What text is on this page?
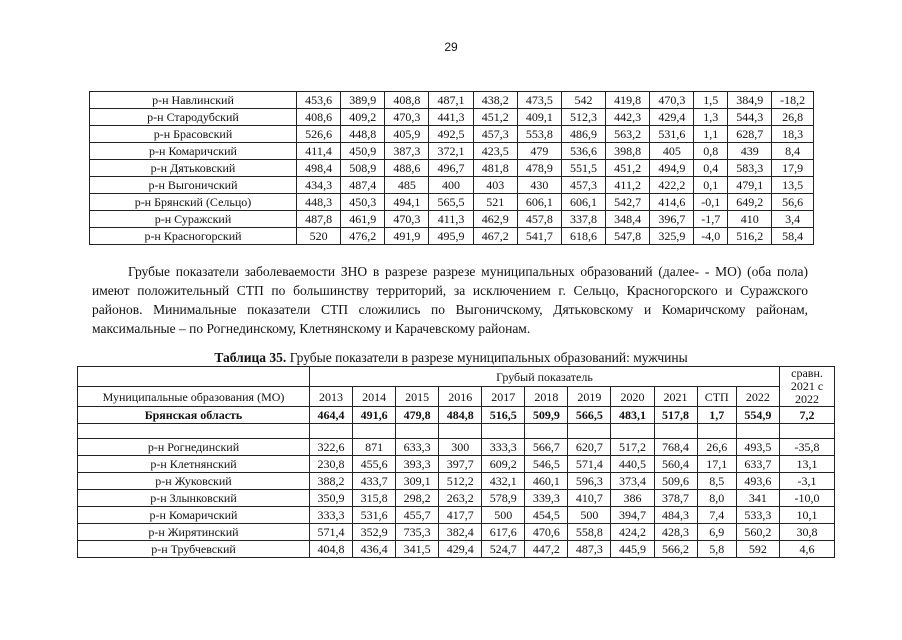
29
р-н Навлинский	453,6	389,9	408,8	487,1	438,2	473,5	542	419,8	470,3	1,5	384,9	-18,2
р-н Стародубский	408,6	409,2	470,3	441,3	451,2	409,1	512,3	442,3	429,4	1,3	544,3	26,8
р-н Брасовский	526,6	448,8	405,9	492,5	457,3	553,8	486,9	563,2	531,6	1,1	628,7	18,3
р-н Комаричский	411,4	450,9	387,3	372,1	423,5	479	536,6	398,8	405	0,8	439	8,4
р-н Дятьковский	498,4	508,9	488,6	496,7	481,8	478,9	551,5	451,2	494,9	0,4	583,3	17,9
р-н Выгоничский	434,3	487,4	485	400	403	430	457,3	411,2	422,2	0,1	479,1	13,5
р-н Брянский (Сельцо)	448,3	450,3	494,1	565,5	521	606,1	606,1	542,7	414,6	-0,1	649,2	56,6
р-н Суражский	487,8	461,9	470,3	411,3	462,9	457,8	337,8	348,4	396,7	-1,7	410	3,4
р-н Красногорский	520	476,2	491,9	495,9	467,2	541,7	618,6	547,8	325,9	-4,0	516,2	58,4
Грубые показатели заболеваемости ЗНО в разрезе разрезе муниципальных образований (далее- - МО) (оба пола) имеют положительный СТП по большинству территорий, за исключением г. Сельцо, Красногорского и Суражского районов. Минимальные показатели СТП сложились по Выгоничскому, Дятьковскому и Комаричскому районам, максимальные – по Рогнединскому, Клетнянскому и Карачевскому районам.
Таблица 35. Грубые показатели в разрезе муниципальных образований: мужчины
	Грубый показатель											сравн. 2021 с 2022
Муниципальные образования (МО)	2013	2014	2015	2016	2017	2018	2019	2020	2021	СТП	2022	
Брянская область	464,4	491,6	479,8	484,8	516,5	509,9	566,5	483,1	517,8	1,7	554,9	7,2

р-н Рогнединский	322,6	871	633,3	300	333,3	566,7	620,7	517,2	768,4	26,6	493,5	-35,8
р-н Клетнянский	230,8	455,6	393,3	397,7	609,2	546,5	571,4	440,5	560,4	17,1	633,7	13,1
р-н Жуковский	388,2	433,7	309,1	512,2	432,1	460,1	596,3	373,4	509,6	8,5	493,6	-3,1
р-н Злынковский	350,9	315,8	298,2	263,2	578,9	339,3	410,7	386	378,7	8,0	341	-10,0
р-н Комаричский	333,3	531,6	455,7	417,7	500	454,5	500	394,7	484,3	7,4	533,3	10,1
р-н Жирятинский	571,4	352,9	735,3	382,4	617,6	470,6	558,8	424,2	428,3	6,9	560,2	30,8
р-н Трубчевский	404,8	436,4	341,5	429,4	524,7	447,2	487,3	445,9	566,2	5,8	592	4,6
